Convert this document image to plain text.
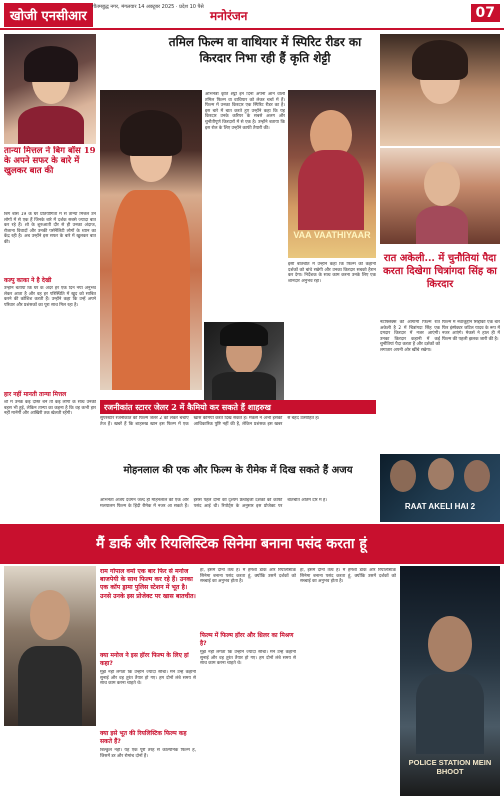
खोजी एनसीआर
गौतमबुद्ध नगर, मंगलवार 14 अक्टूबर 2025 · प्रदेश 10 पैसे
मनोरंजन	07
तान्या मित्तल ने बिग बॉस 19 के अपने सफर के बारे में खुलकर बात की
बिग बॉस 19 के घर प्रतियोगिता में से तान्या मित्तल उन लोगों में से एक हैं जिनके बारे में दर्शक सबसे ज्यादा बात कर रहे हैं। शो के शुरुआती दौर से ही उनका अंदाज, रोजाना विवादों और उनकी पर्सनैलिटी लोगों के ध्यान का केंद्र रही है। अब उन्होंने इस सफर के बारे में खुलकर बात की।
कल्पु काका ने है देखी
उन्होंने बताया कि घर के अंदर हर एक दिन नया अनुभव लेकर आता है और वह हर परिस्थिति में खुद को साबित करने की कोशिश करती हैं। उन्होंने कहा कि उन्हें अपने परिवार और प्रशंसकों का पूरा साथ मिल रहा है।
हार नहीं मानती तान्या मित्तल
शो में उनके कई दोस्त बने तो कई लोगों के साथ उनकी बहस भी हुई, लेकिन तान्या का कहना है कि वह कभी हार नहीं मानेंगी और आखिरी तक खेलती रहेंगी।
तमिल फिल्म वा वाथियार में स्पिरिट रीडर का किरदार निभा रही हैं कृति शेट्टी
अभिनेत्री कृति शेट्टी इन दिनों अपनी आने वाली तमिल फिल्म वा वाथियार को लेकर चर्चा में हैं। फिल्म में उनका किरदार एक स्पिरिट रीडर का है। इस बारे में बात करते हुए उन्होंने कहा कि यह किरदार उनके करियर के सबसे अलग और चुनौतीपूर्ण किरदारों में से एक है। उन्होंने बताया कि इस रोल के लिए उन्होंने काफी तैयारी की।
VAA VAATHIYAAR
इसी बातचीत में उन्होंने कहा कि फिल्म की कहानी दर्शकों को बांधे रखेगी और उनका किरदार सबको हैरान कर देगा। निर्देशक के साथ काम करना उनके लिए एक शानदार अनुभव रहा।
रजनीकांत स्टारर जेलर 2 में कैमियो कर सकते हैं शाहरुख
सुपरस्टार रजनीकांत की फिल्म जेलर 2 को लेकर चर्चाएं तेज हैं। खबरें हैं कि शाहरुख खान इस फिल्म में एक खास कैमियो करते दिख सकते हैं। मेकर्स ने अभी इसकी आधिकारिक पुष्टि नहीं की है, लेकिन प्रशंसक इस खबर से बेहद उत्साहित हैं।
मोहनलाल की एक और फिल्म के रीमेक में दिख सकते हैं अजय
अभिनेता अजय देवगन जल्द ही मोहनलाल की एक और मलयालम फिल्म के हिंदी रीमेक में नजर आ सकते हैं। इससे पहले दोनों की दृश्यम फ्रेंचाइजी दर्शकों को काफी पसंद आई थी। रिपोर्ट्स के अनुसार इस प्रोजेक्ट पर बातचीत अंतिम दौर में है।
रात अकेली... में चुनौतियां पैदा करता दिखेगा चित्रांगदा सिंह का किरदार
नेटफ्लिक्स की आगामी फिल्म रात अकेली है 2 में चित्रांगदा सिंह एक दमदार किरदार में नजर आएंगी। उनका किरदार कहानी में कई चुनौतियां पैदा करता है और दर्शकों को लगातार अपनी ओर खींचे रखेगा।
फिल्म में नवाजुद्दीन सिद्दीकी एक बार फिर इंस्पेक्टर जटिल यादव के रूप में नजर आएंगे। मेकर्स ने हाल ही में फिल्म की पहली झलक जारी की है।
RAAT AKELI HAI 2
मैं डार्क और रियलिस्टिक सिनेमा बनाना पसंद करता हूं
राम गोपाल वर्मा एक बार फिर से मनोज बाजपेयी के साथ फिल्म कर रहे हैं। उनका एक कॉप ड्रामा पुलिस स्टेशन में भूत है। उनसे उनके इस प्रोजेक्ट पर खास बातचीत।
क्या मनोज ने इस हॉरर फिल्म के लिए हां कहा?
मुझे नहीं लगता कि उन्होंने ज्यादा सोचा। मैंने उन्हें कहानी सुनाई और वह तुरंत तैयार हो गए। हम दोनों लंबे समय से साथ काम करना चाहते थे।
क्या इसे भूत की रियलिस्टिक फिल्म कह सकते हैं?
बिल्कुल नहीं। यह एक पूरी तरह से काल्पनिक फिल्म है, जिसमें डर और रोमांच दोनों हैं।
हां, इसमें दोनों तत्व हैं। मैं हमेशा डार्क और रियलिस्टिक सिनेमा बनाना पसंद करता हूं, क्योंकि उसमें दर्शकों को सच्चाई का अनुभव होता है।
फिल्म में फिल्म हॉरर और थ्रिलर का मिश्रण है?
मुझे नहीं लगता कि उन्होंने ज्यादा सोचा। मैंने उन्हें कहानी सुनाई और वह तुरंत तैयार हो गए। हम दोनों लंबे समय से साथ काम करना चाहते थे।
हां, इसमें दोनों तत्व हैं। मैं हमेशा डार्क और रियलिस्टिक सिनेमा बनाना पसंद करता हूं, क्योंकि उसमें दर्शकों को सच्चाई का अनुभव होता है।
POLICE STATION MEIN BHOOT
